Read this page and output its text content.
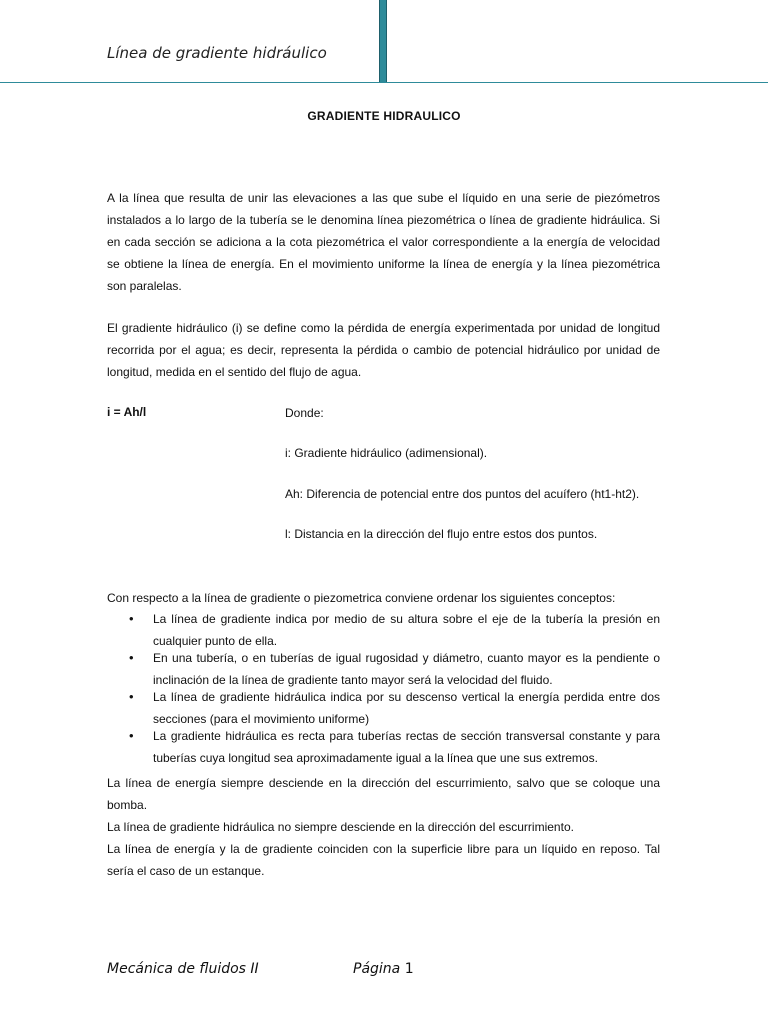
Línea de gradiente hidráulico
GRADIENTE HIDRAULICO
A la línea que resulta de unir las elevaciones a las que sube el líquido en una serie de piezómetros instalados a lo largo de la tubería se le denomina línea piezométrica o línea de gradiente hidráulica. Si en cada sección se adiciona a la cota piezométrica el valor correspondiente a la energía de velocidad se obtiene la línea de energía. En el movimiento uniforme la línea de energía y la línea piezométrica son paralelas.
El gradiente hidráulico (i) se define como la pérdida de energía experimentada por unidad de longitud recorrida por el agua; es decir, representa la pérdida o cambio de potencial hidráulico por unidad de longitud, medida en el sentido del flujo de agua.
i = Ah/l	Donde:
i: Gradiente hidráulico (adimensional).
Ah: Diferencia de potencial entre dos puntos del acuífero (ht1-ht2).
l: Distancia en la dirección del flujo entre estos dos puntos.
Con respecto a la línea de gradiente o piezometrica conviene ordenar los siguientes conceptos:
• La línea de gradiente indica por medio de su altura sobre el eje de la tubería la presión en cualquier punto de ella.
• En una tubería, o en tuberías de igual rugosidad y diámetro, cuanto mayor es la pendiente o inclinación de la línea de gradiente tanto mayor será la velocidad del fluido.
• La línea de gradiente hidráulica indica por su descenso vertical la energía perdida entre dos secciones (para el movimiento uniforme)
• La gradiente hidráulica es recta para tuberías rectas de sección transversal constante y para tuberías cuya longitud sea aproximadamente igual a la línea que une sus extremos.
La línea de energía siempre desciende en la dirección del escurrimiento, salvo que se coloque una bomba.
La línea de gradiente hidráulica no siempre desciende en la dirección del escurrimiento.
La línea de energía y la de gradiente coinciden con la superficie libre para un líquido en reposo. Tal sería el caso de un estanque.
Mecánica de fluidos II	Página 1
